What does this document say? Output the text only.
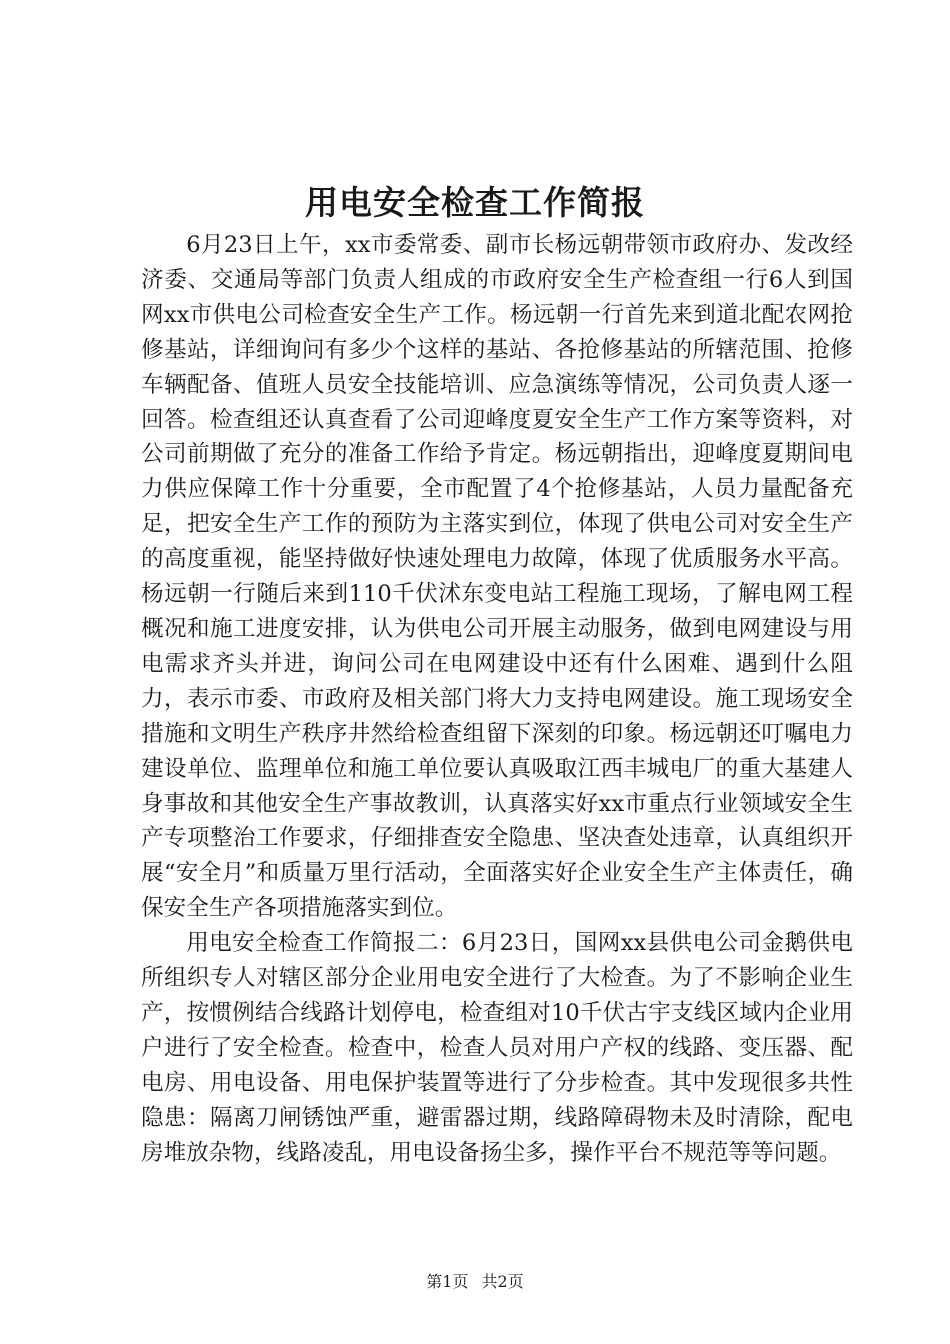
用电安全检查工作简报

6月23日上午，xx市委常委、副市长杨远朝带领市政府办、发改经济委、交通局等部门负责人组成的市政府安全生产检查组一行6人到国网xx市供电公司检查安全生产工作。杨远朝一行首先来到道北配农网抢修基站，详细询问有多少个这样的基站、各抢修基站的所辖范围、抢修车辆配备、值班人员安全技能培训、应急演练等情况，公司负责人逐一回答。检查组还认真查看了公司迎峰度夏安全生产工作方案等资料，对公司前期做了充分的准备工作给予肯定。杨远朝指出，迎峰度夏期间电力供应保障工作十分重要，全市配置了4个抢修基站，人员力量配备充足，把安全生产工作的预防为主落实到位，体现了供电公司对安全生产的高度重视，能坚持做好快速处理电力故障，体现了优质服务水平高。杨远朝一行随后来到110千伏沭东变电站工程施工现场，了解电网工程概况和施工进度安排，认为供电公司开展主动服务，做到电网建设与用电需求齐头并进，询问公司在电网建设中还有什么困难、遇到什么阻力，表示市委、市政府及相关部门将大力支持电网建设。施工现场安全措施和文明生产秩序井然给检查组留下深刻的印象。杨远朝还叮嘱电力建设单位、监理单位和施工单位要认真吸取江西丰城电厂的重大基建人身事故和其他安全生产事故教训，认真落实好xx市重点行业领域安全生产专项整治工作要求，仔细排查安全隐患、坚决查处违章，认真组织开展“安全月”和质量万里行活动，全面落实好企业安全生产主体责任，确保安全生产各项措施落实到位。

用电安全检查工作简报二：6月23日，国网xx县供电公司金鹅供电所组织专人对辖区部分企业用电安全进行了大检查。为了不影响企业生产，按惯例结合线路计划停电，检查组对10千伏古宇支线区域内企业用户进行了安全检查。检查中，检查人员对用户产权的线路、变压器、配电房、用电设备、用电保护装置等进行了分步检查。其中发现很多共性隐患：隔离刀闸锈蚀严重，避雷器过期，线路障碍物未及时清除，配电房堆放杂物，线路凌乱，用电设备扬尘多，操作平台不规范等等问题。

第1页 共2页
